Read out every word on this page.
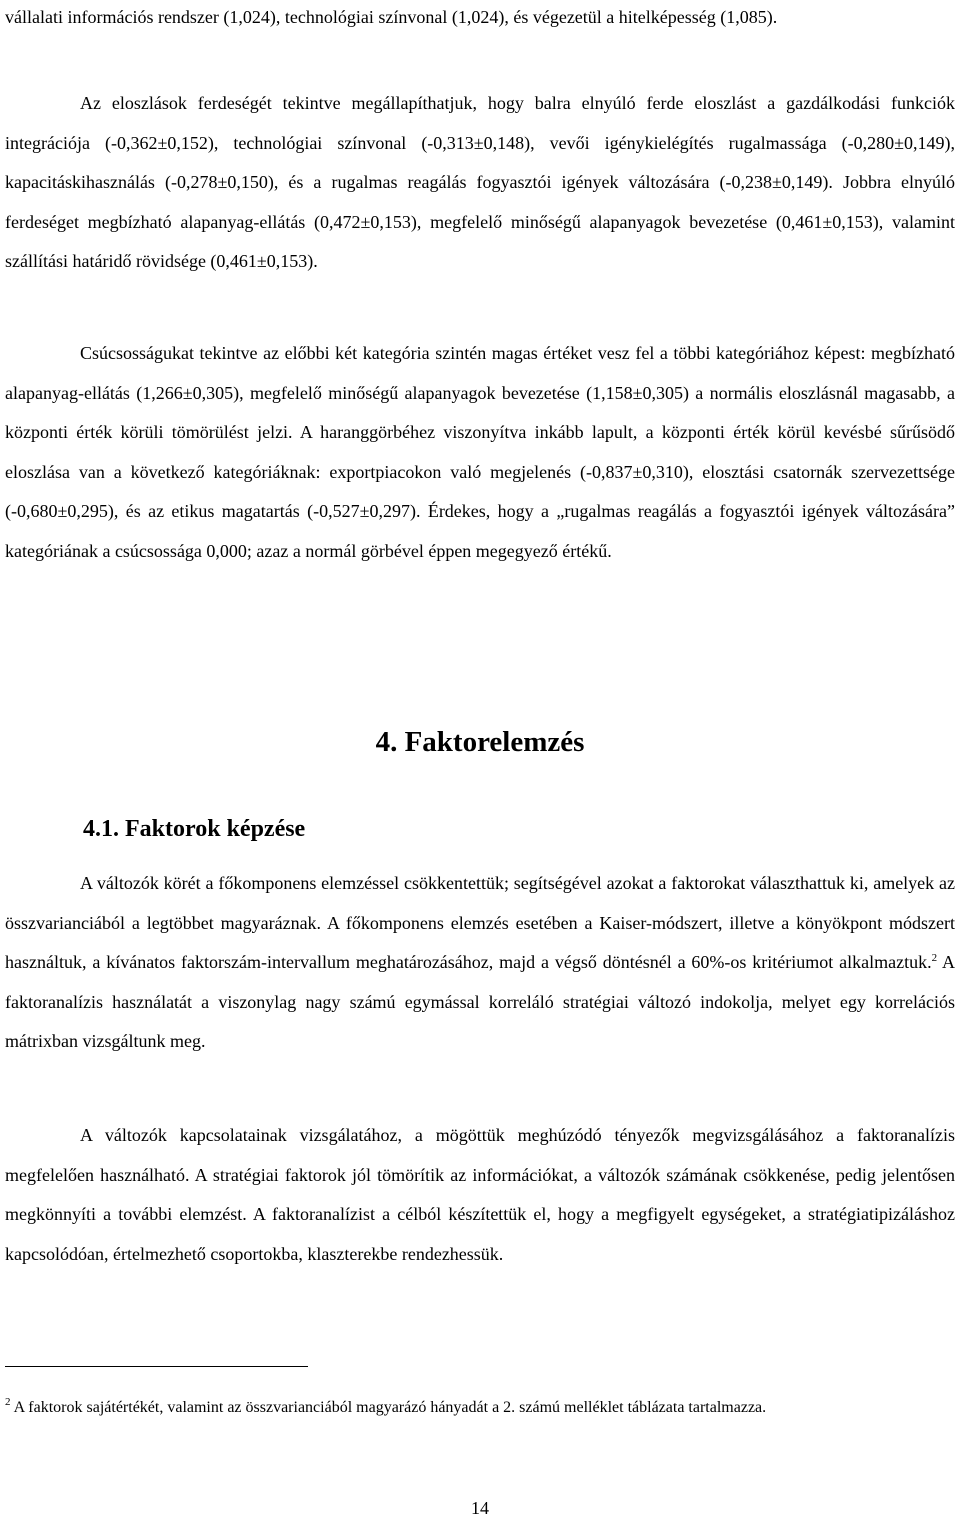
vállalati információs rendszer (1,024), technológiai színvonal (1,024), és végezetül a hitelképesség (1,085).

Az eloszlások ferdeségét tekintve megállapíthatjuk, hogy balra elnyúló ferde eloszlást a gazdálkodási funkciók integrációja (-0,362±0,152), technológiai színvonal (-0,313±0,148), vevői igénykielégítés rugalmassága (-0,280±0,149), kapacitáskihasználás (-0,278±0,150), és a rugalmas reagálás fogyasztói igények változására (-0,238±0,149). Jobbra elnyúló ferdeséget megbízható alapanyag-ellátás (0,472±0,153), megfelelő minőségű alapanyagok bevezetése (0,461±0,153), valamint szállítási határidő rövidsége (0,461±0,153).

Csúcsosságukat tekintve az előbbi két kategória szintén magas értéket vesz fel a többi kategóriához képest: megbízható alapanyag-ellátás (1,266±0,305), megfelelő minőségű alapanyagok bevezetése (1,158±0,305) a normális eloszlásnál magasabb, a központi érték körüli tömörülést jelzi. A haranggörbéhez viszonyítva inkább lapult, a központi érték körül kevésbé sűrűsödő eloszlása van a következő kategóriáknak: exportpiacokon való megjelenés (-0,837±0,310), elosztási csatornák szervezettsége (-0,680±0,295), és az etikus magatartás (-0,527±0,297). Érdekes, hogy a „rugalmas reagálás a fogyasztói igények változására” kategóriának a csúcsossága 0,000; azaz a normál görbével éppen megegyező értékű.

4. Faktorelemzés
4.1. Faktorok képzése

A változók körét a főkomponens elemzéssel csökkentettük; segítségével azokat a faktorokat választhattuk ki, amelyek az összvarianciából a legtöbbet magyaráznak. A főkomponens elemzés esetében a Kaiser-módszert, illetve a könyökpont módszert használtuk, a kívánatos faktorszám-intervallum meghatározásához, majd a végső döntésnél a 60%-os kritériumot alkalmaztuk.$^2$ A faktoranalízis használatát a viszonylag nagy számú egymással korreláló stratégiai változó indokolja, melyet egy korrelációs mátrixban vizsgáltunk meg.

A változók kapcsolatainak vizsgálatához, a mögöttük meghúzódó tényezők megvizsgálásához a faktoranalízis megfelelően használható. A stratégiai faktorok jól tömörítik az információkat, a változók számának csökkenése, pedig jelentősen megkönnyíti a további elemzést. A faktoranalízist a célból készítettük el, hogy a megfigyelt egységeket, a stratégiatipizáláshoz kapcsolódóan, értelmezhető csoportokba, klaszterekbe rendezhessük.

$^2$ A faktorok sajátértékét, valamint az összvarianciából magyarázó hányadát a 2. számú melléklet táblázata tartalmazza.
14
